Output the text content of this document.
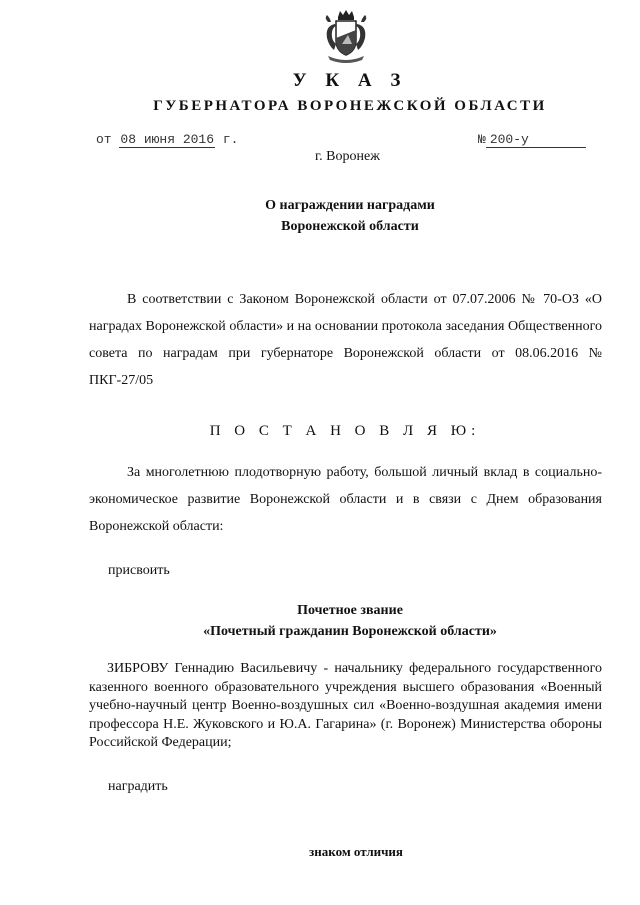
У К А З
ГУБЕРНАТОРА ВОРОНЕЖСКОЙ ОБЛАСТИ
от 08 июня 2016 г.	№ 200-у
г. Воронеж
О награждении наградами
Воронежской области
В соответствии с Законом Воронежской области от 07.07.2006 № 70-ОЗ «О наградах Воронежской области» и на основании протокола заседания Общественного совета по наградам при губернаторе Воронежской области от 08.06.2016 № ПКГ-27/05
П О С Т А Н О В Л Я Ю:
За многолетнюю плодотворную работу, большой личный вклад в социально-экономическое развитие Воронежской области и в связи с Днем образования Воронежской области:
присвоить
Почетное звание
«Почетный гражданин Воронежской области»
ЗИБРОВУ Геннадию Васильевичу - начальнику федерального государственного казенного военного образовательного учреждения высшего образования «Военный учебно-научный центр Военно-воздушных сил «Военно-воздушная академия имени профессора Н.Е. Жуковского и Ю.А. Гагарина» (г. Воронеж) Министерства обороны Российской Федерации;
наградить
знаком отличия
